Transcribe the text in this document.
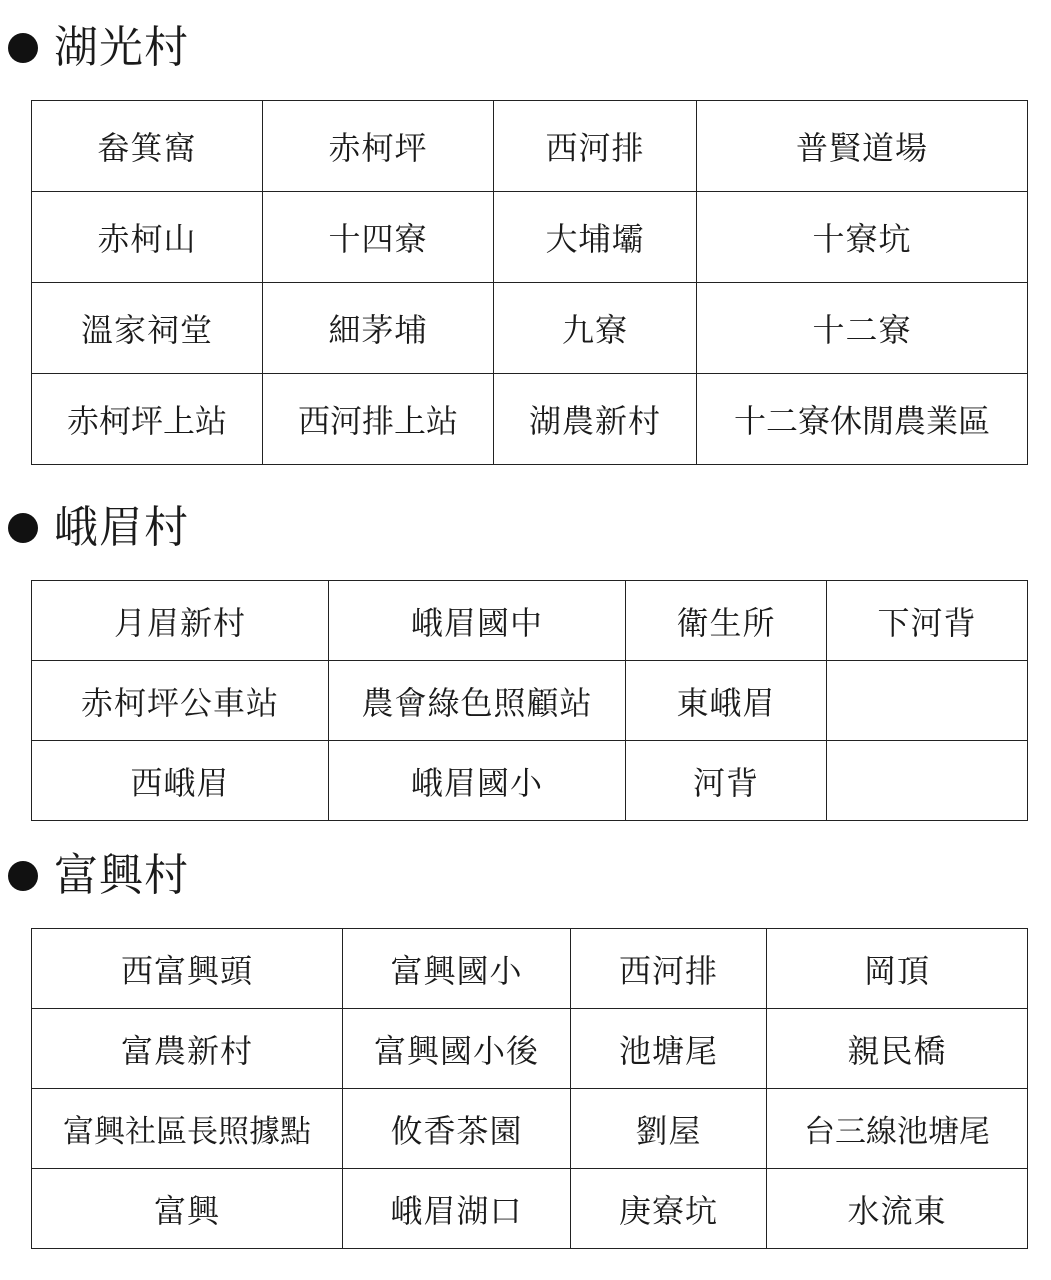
湖光村
畚箕窩	赤柯坪	西河排	普賢道場
赤柯山	十四寮	大埔壩	十寮坑
溫家祠堂	細茅埔	九寮	十二寮
赤柯坪上站	西河排上站	湖農新村	十二寮休閒農業區
峨眉村
月眉新村	峨眉國中	衛生所	下河背
赤柯坪公車站	農會綠色照顧站	東峨眉	
西峨眉	峨眉國小	河背	
富興村
西富興頭	富興國小	西河排	岡頂
富農新村	富興國小後	池塘尾	親民橋
富興社區長照據點	攸香茶園	劉屋	台三線池塘尾
富興	峨眉湖口	庚寮坑	水流東
